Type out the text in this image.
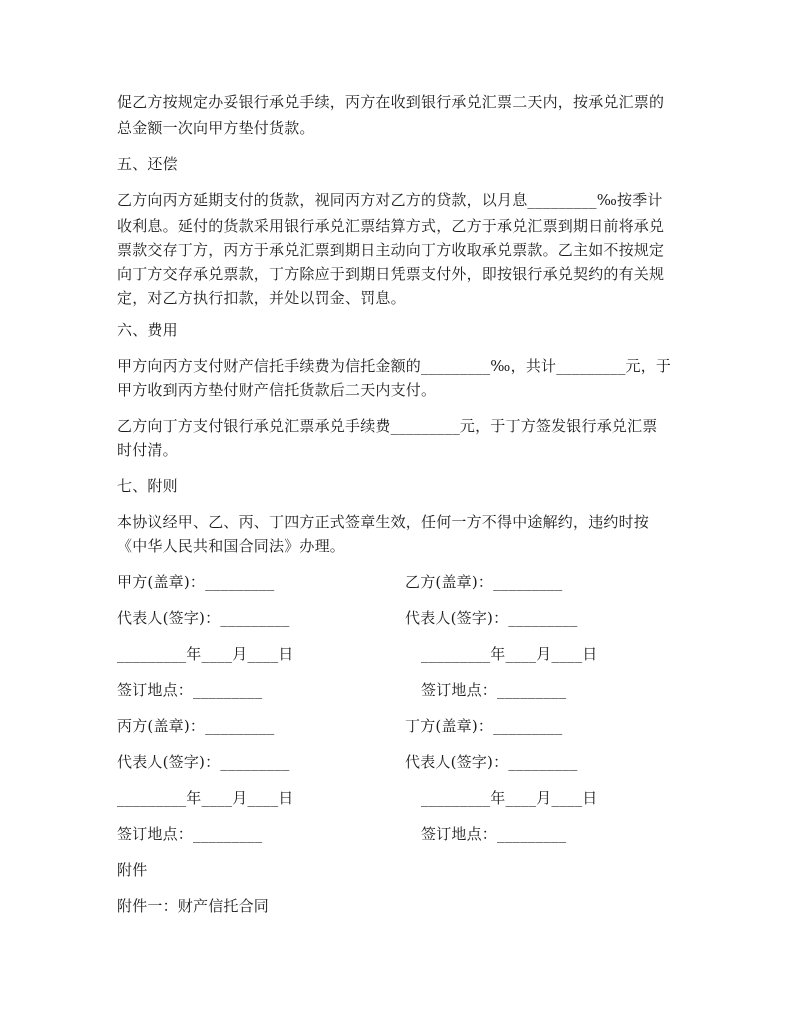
促乙方按规定办妥银行承兑手续，丙方在收到银行承兑汇票二天内，按承兑汇票的
总金额一次向甲方垫付货款。
五、还偿
乙方向丙方延期支付的货款，视同丙方对乙方的贷款，以月息_________‰按季计
收利息。延付的货款采用银行承兑汇票结算方式，乙方于承兑汇票到期日前将承兑
票款交存丁方，丙方于承兑汇票到期日主动向丁方收取承兑票款。乙主如不按规定
向丁方交存承兑票款，丁方除应于到期日凭票支付外，即按银行承兑契约的有关规
定，对乙方执行扣款，并处以罚金、罚息。
六、费用
甲方向丙方支付财产信托手续费为信托金额的_________‰，共计_________元，于
甲方收到丙方垫付财产信托货款后二天内支付。
乙方向丁方支付银行承兑汇票承兑手续费_________元，于丁方签发银行承兑汇票
时付清。
七、附则
本协议经甲、乙、丙、丁四方正式签章生效，任何一方不得中途解约，违约时按
《中华人民共和国合同法》办理。
甲方(盖章)：_________	乙方(盖章)：_________
代表人(签字)：_________	代表人(签字)：_________
_________年____月____日	_________年____月____日
签订地点：_________	签订地点：_________
丙方(盖章)：_________	丁方(盖章)：_________
代表人(签字)：_________	代表人(签字)：_________
_________年____月____日	_________年____月____日
签订地点：_________	签订地点：_________
附件
附件一：财产信托合同
